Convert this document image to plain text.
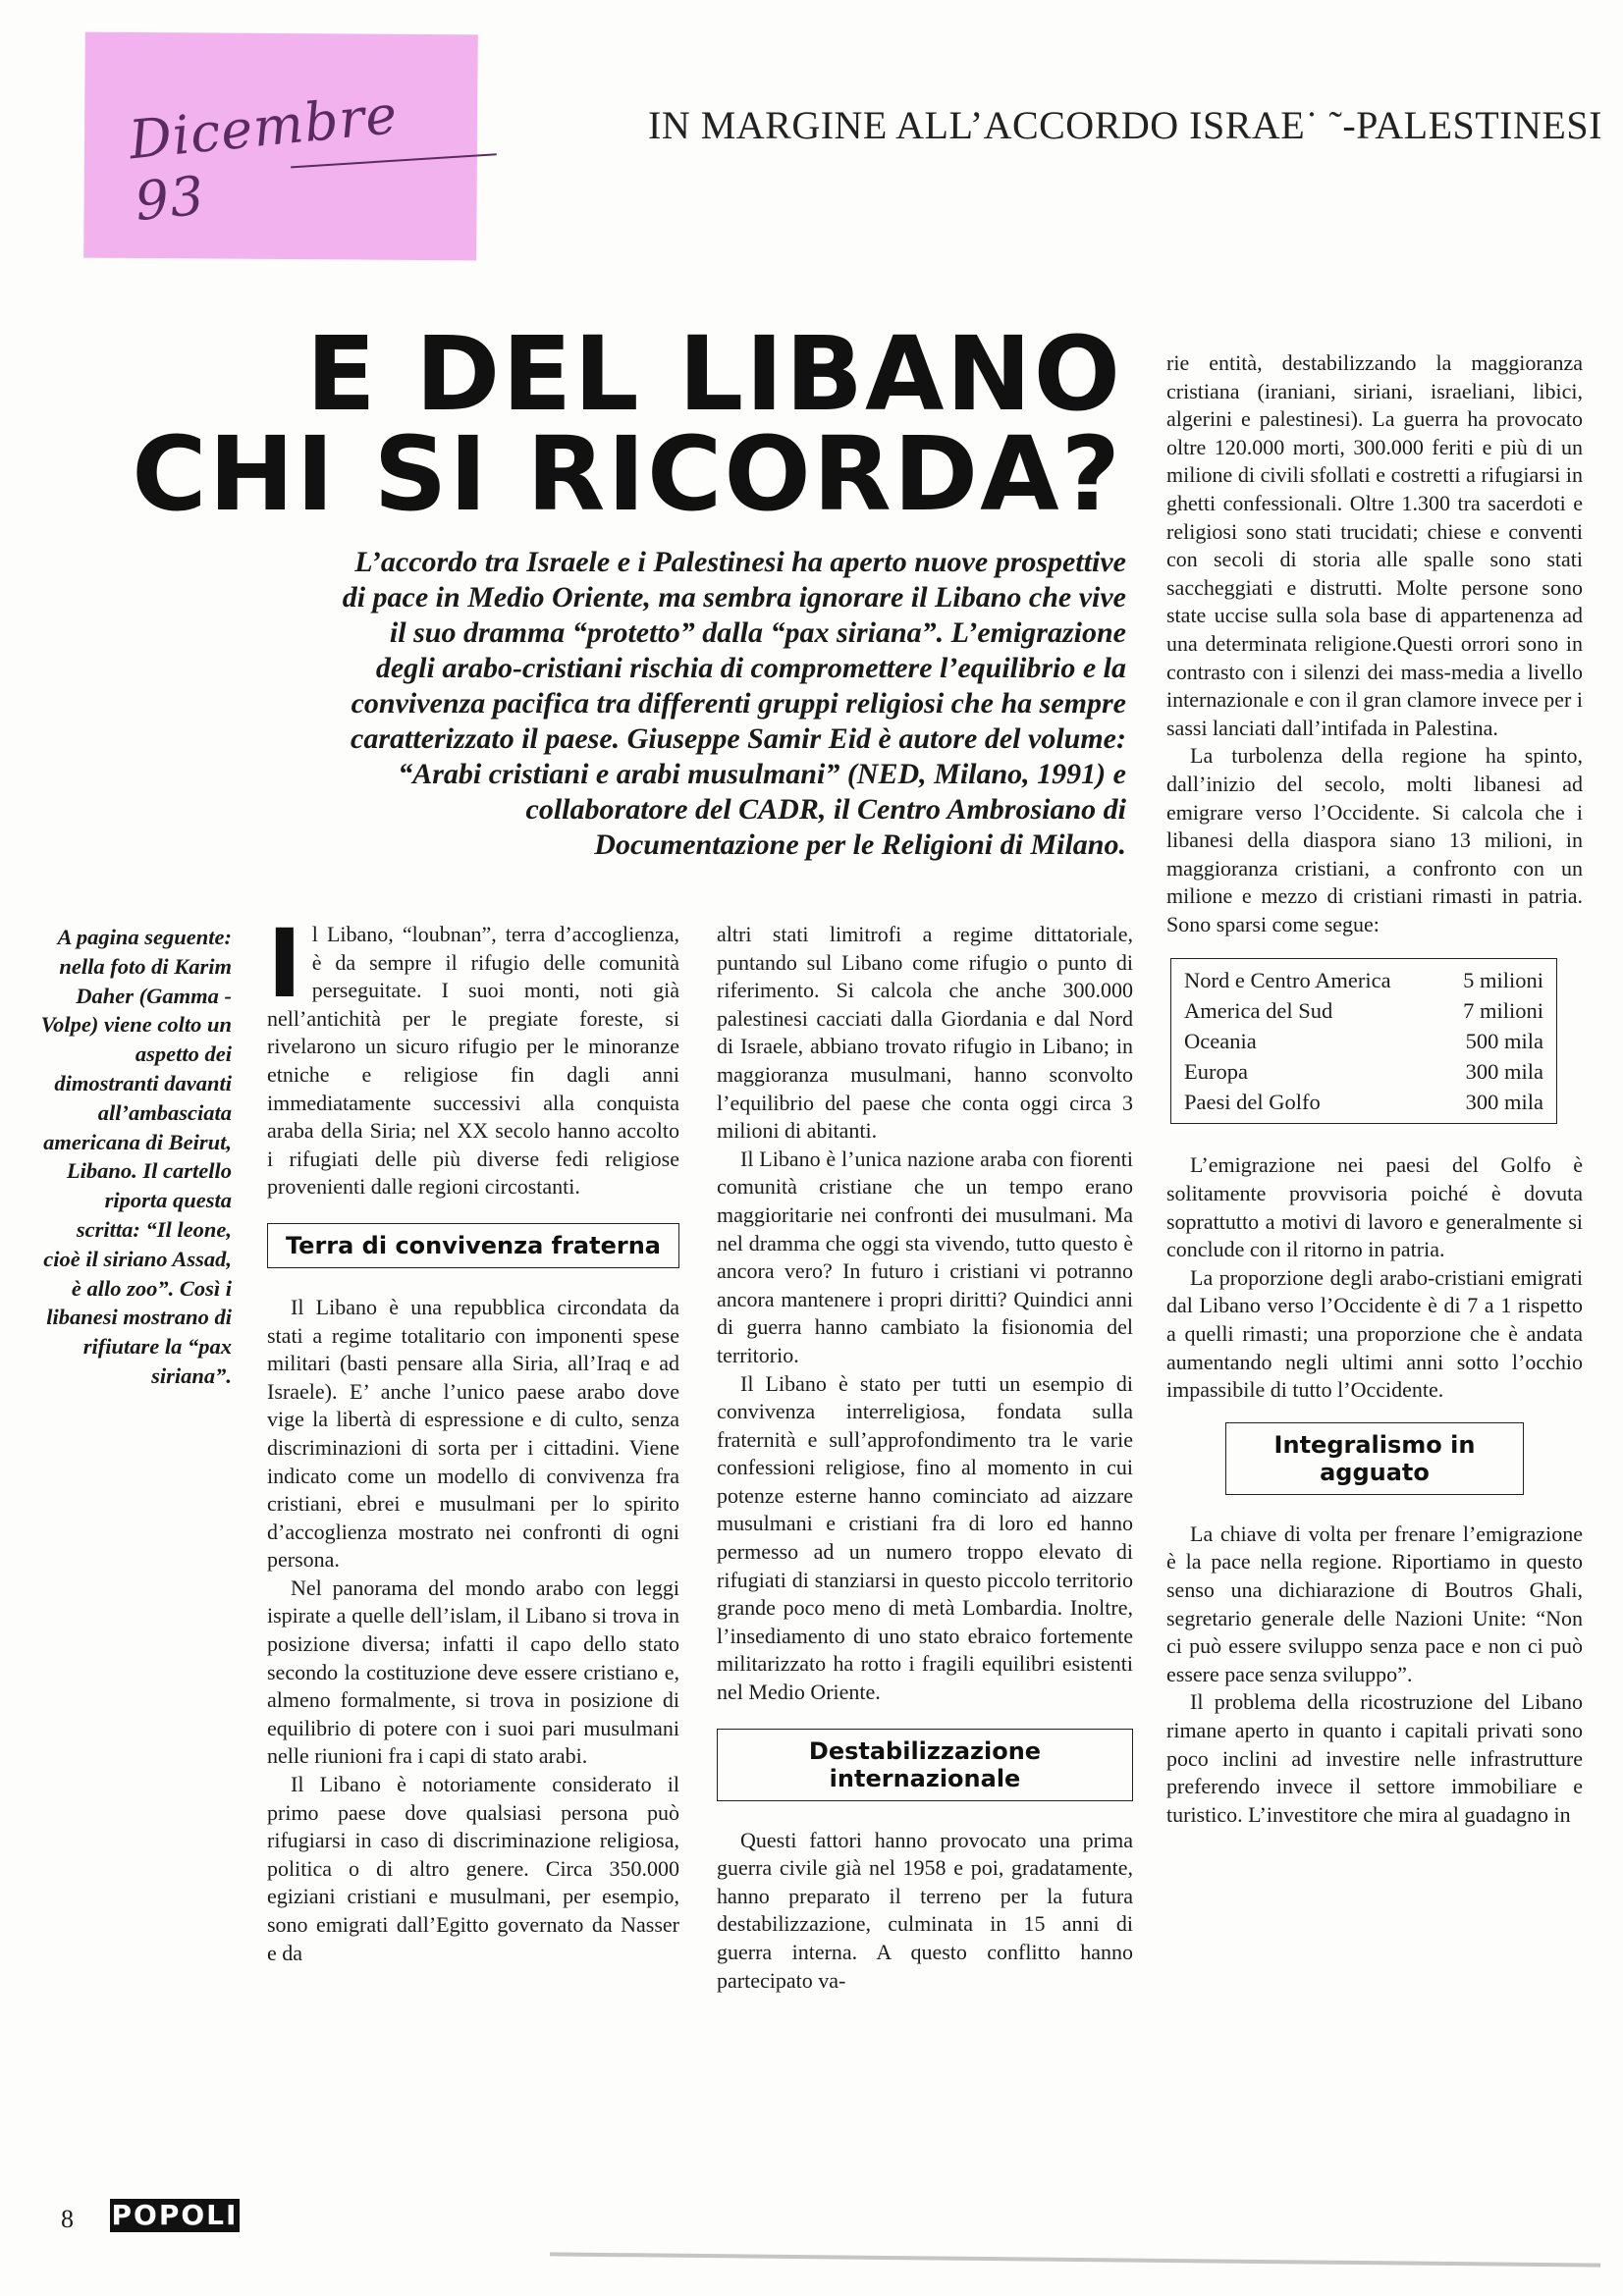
Dicembre 93
IN MARGINE ALL’ACCORDO ISRAE˙ ˜-PALESTINESI
E DEL LIBANO
CHI SI RICORDA?
L’accordo tra Israele e i Palestinesi ha aperto nuove prospettive di pace in Medio Oriente, ma sembra ignorare il Libano che vive il suo dramma “protetto” dalla “pax siriana”. L’emigrazione degli arabo-cristiani rischia di compromettere l’equilibrio e la convivenza pacifica tra differenti gruppi religiosi che ha sempre caratterizzato il paese. Giuseppe Samir Eid è autore del volume: “Arabi cristiani e arabi musulmani” (NED, Milano, 1991) e collaboratore del CADR, il Centro Ambrosiano di Documentazione per le Religioni di Milano.
A pagina seguente: nella foto di Karim Daher (Gamma - Volpe) viene colto un aspetto dei dimostranti davanti all’ambasciata americana di Beirut, Libano. Il cartello riporta questa scritta: “Il leone, cioè il siriano Assad, è allo zoo”. Così i libanesi mostrano di rifiutare la “pax siriana”.

Il Libano, “loubnan”, terra d’accoglienza, è da sempre il rifugio delle comunità perseguitate. I suoi monti, noti già nell’antichità per le pregiate foreste, si rivelarono un sicuro rifugio per le minoranze etniche e religiose fin dagli anni immediatamente successivi alla conquista araba della Siria; nel XX secolo hanno accolto i rifugiati delle più diverse fedi religiose provenienti dalle regioni circostanti.

Terra di convivenza fraterna

Il Libano è una repubblica circondata da stati a regime totalitario con imponenti spese militari (basti pensare alla Siria, all’Iraq e ad Israele). E’ anche l’unico paese arabo dove vige la libertà di espressione e di culto, senza discriminazioni di sorta per i cittadini. Viene indicato come un modello di convivenza fra cristiani, ebrei e musulmani per lo spirito d’accoglienza mostrato nei confronti di ogni persona.

Nel panorama del mondo arabo con leggi ispirate a quelle dell’islam, il Libano si trova in posizione diversa; infatti il capo dello stato secondo la costituzione deve essere cristiano e, almeno formalmente, si trova in posizione di equilibrio di potere con i suoi pari musulmani nelle riunioni fra i capi di stato arabi.

Il Libano è notoriamente considerato il primo paese dove qualsiasi persona può rifugiarsi in caso di discriminazione religiosa, politica o di altro genere. Circa 350.000 egiziani cristiani e musulmani, per esempio, sono emigrati dall’Egitto governato da Nasser e da

altri stati limitrofi a regime dittatoriale, puntando sul Libano come rifugio o punto di riferimento. Si calcola che anche 300.000 palestinesi cacciati dalla Giordania e dal Nord di Israele, abbiano trovato rifugio in Libano; in maggioranza musulmani, hanno sconvolto l’equilibrio del paese che conta oggi circa 3 milioni di abitanti.

Il Libano è l’unica nazione araba con fiorenti comunità cristiane che un tempo erano maggioritarie nei confronti dei musulmani. Ma nel dramma che oggi sta vivendo, tutto questo è ancora vero? In futuro i cristiani vi potranno ancora mantenere i propri diritti? Quindici anni di guerra hanno cambiato la fisionomia del territorio.

Il Libano è stato per tutti un esempio di convivenza interreligiosa, fondata sulla fraternità e sull’approfondimento tra le varie confessioni religiose, fino al momento in cui potenze esterne hanno cominciato ad aizzare musulmani e cristiani fra di loro ed hanno permesso ad un numero troppo elevato di rifugiati di stanziarsi in questo piccolo territorio grande poco meno di metà Lombardia. Inoltre, l’insediamento di uno stato ebraico fortemente militarizzato ha rotto i fragili equilibri esistenti nel Medio Oriente.

Destabilizzazione internazionale

Questi fattori hanno provocato una prima guerra civile già nel 1958 e poi, gradatamente, hanno preparato il terreno per la futura destabilizzazione, culminata in 15 anni di guerra interna. A questo conflitto hanno partecipato va-

rie entità, destabilizzando la maggioranza cristiana (iraniani, siriani, israeliani, libici, algerini e palestinesi). La guerra ha provocato oltre 120.000 morti, 300.000 feriti e più di un milione di civili sfollati e costretti a rifugiarsi in ghetti confessionali. Oltre 1.300 tra sacerdoti e religiosi sono stati trucidati; chiese e conventi con secoli di storia alle spalle sono stati saccheggiati e distrutti. Molte persone sono state uccise sulla sola base di appartenenza ad una determinata religione.Questi orrori sono in contrasto con i silenzi dei mass-media a livello internazionale e con il gran clamore invece per i sassi lanciati dall’intifada in Palestina.

La turbolenza della regione ha spinto, dall’inizio del secolo, molti libanesi ad emigrare verso l’Occidente. Si calcola che i libanesi della diaspora siano 13 milioni, in maggioranza cristiani, a confronto con un milione e mezzo di cristiani rimasti in patria. Sono sparsi come segue:

Nord e Centro America	5 milioni
America del Sud	7 milioni
Oceania	500 mila
Europa	300 mila
Paesi del Golfo	300 mila

L’emigrazione nei paesi del Golfo è solitamente provvisoria poiché è dovuta soprattutto a motivi di lavoro e generalmente si conclude con il ritorno in patria.

La proporzione degli arabo-cristiani emigrati dal Libano verso l’Occidente è di 7 a 1 rispetto a quelli rimasti; una proporzione che è andata aumentando negli ultimi anni sotto l’occhio impassibile di tutto l’Occidente.

Integralismo in agguato

La chiave di volta per frenare l’emigrazione è la pace nella regione. Riportiamo in questo senso una dichiarazione di Boutros Ghali, segretario generale delle Nazioni Unite: “Non ci può essere sviluppo senza pace e non ci può essere pace senza sviluppo”.

Il problema della ricostruzione del Libano rimane aperto in quanto i capitali privati sono poco inclini ad investire nelle infrastrutture preferendo invece il settore immobiliare e turistico. L’investitore che mira al guadagno in

8 POPOLI
